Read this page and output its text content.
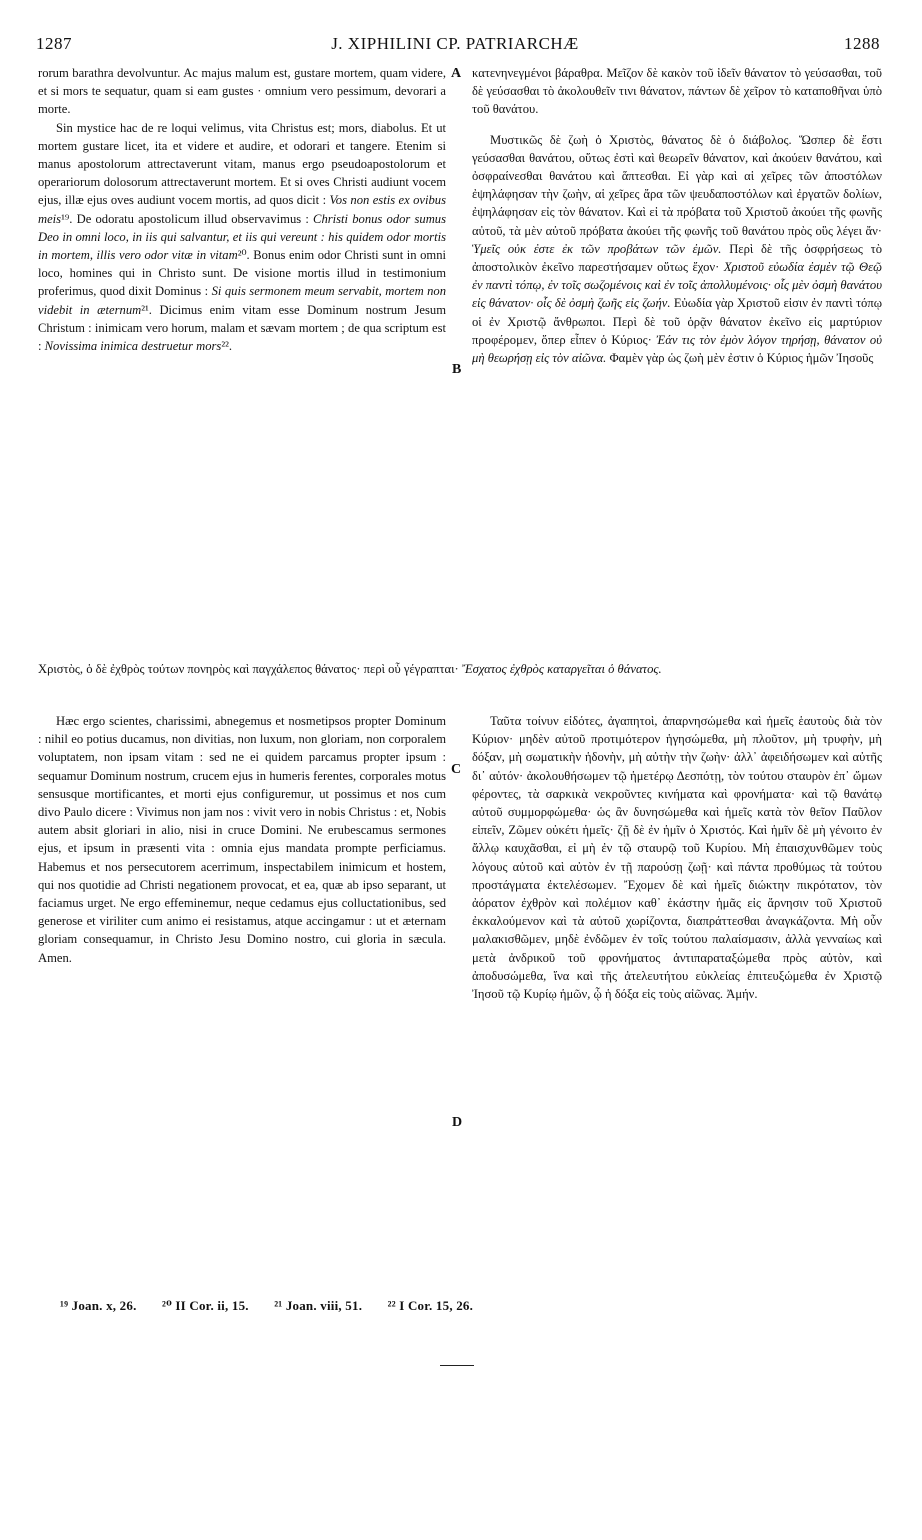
1287	J. XIPHILINI CP. PATRIARCHÆ	1288
A
B
C
D

rorum barathra devolvuntur. Ac majus malum est, gustare mortem, quam videre, et si mors te sequatur, quam si eam gustes · omnium vero pessimum, devorari a morte.

Sin mystice hac de re loqui velimus, vita Christus est; mors, diabolus. Et ut mortem gustare licet, ita et videre et audire, et odorari et tangere. Etenim si manus apostolorum attrectaverunt vitam, manus ergo pseudoapostolorum et operariorum dolosorum attrectaverunt mortem. Et si oves Christi audiunt vocem ejus, illæ ejus oves audiunt vocem mortis, ad quos dicit : Vos non estis ex ovibus meis¹⁹. De odoratu apostolicum illud observavimus : Christi bonus odor sumus Deo in omni loco, in iis qui salvantur, et iis qui vereunt : his quidem odor mortis in mortem, illis vero odor vitæ in vitam²⁰. Bonus enim odor Christi sunt in omni loco, homines qui in Christo sunt. De visione mortis illud in testimonium proferimus, quod dixit Dominus : Si quis sermonem meum servabit, mortem non videbit in æternum²¹. Dicimus enim vitam esse Dominum nostrum Jesum Christum : inimicam vero horum, malam et sævam mortem ; de qua scriptum est : Novissima inimica destruetur mors²².

κατενηνεγμένοι βάραθρα. Μεῖζον δὲ κακὸν τοῦ ἰδεῖν θάνατον τὸ γεύσασθαι, τοῦ δὲ γεύσασθαι τὸ ἀκολουθεῖν τινι θάνατον, πάντων δὲ χεῖρον τὸ καταποθῆναι ὑπὸ τοῦ θανάτου.

Μυστικῶς δὲ ζωὴ ὁ Χριστὸς, θάνατος δὲ ὁ διάβολος. Ὥσπερ δὲ ἔστι γεύσασθαι θανάτου, οὕτως ἐστὶ καὶ θεωρεῖν θάνατον, καὶ ἀκούειν θανάτου, καὶ ὀσφραίνεσθαι θανάτου καὶ ἅπτεσθαι. Εἰ γὰρ καὶ αἱ χεῖρες τῶν ἀποστόλων ἐψηλάφησαν τὴν ζωὴν, αἱ χεῖρες ἄρα τῶν ψευδαποστόλων καὶ ἐργατῶν δολίων, ἐψηλάφησαν εἰς τὸν θάνατον. Καὶ εἰ τὰ πρόβατα τοῦ Χριστοῦ ἀκούει τῆς φωνῆς αὐτοῦ, τὰ μὲν αὐτοῦ πρόβατα ἀκούει τῆς φωνῆς τοῦ θανάτου πρὸς οὓς λέγει ἄν· Ὑμεῖς οὐκ ἐστε ἐκ τῶν προβάτων τῶν ἐμῶν. Περὶ δὲ τῆς ὀσφρήσεως τὸ ἀποστολικὸν ἐκεῖνο παρεστήσαμεν οὕτως ἔχον· Χριστοῦ εὐωδία ἐσμὲν τῷ Θεῷ ἐν παντὶ τόπῳ, ἐν τοῖς σωζομένοις καὶ ἐν τοῖς ἀπολλυμένοις· οἷς μὲν ὀσμὴ θανάτου εἰς θάνατον· οἷς δὲ ὀσμὴ ζωῆς εἰς ζωήν. Εὐωδία γὰρ Χριστοῦ εἰσιν ἐν παντὶ τόπῳ οἱ ἐν Χριστῷ ἄνθρωποι. Περὶ δὲ τοῦ ὁρᾷν θάνατον ἐκεῖνο εἰς μαρτύριον προφέρομεν, ὅπερ εἶπεν ὁ Κύριος· Ἐάν τις τὸν ἐμὸν λόγον τηρήσῃ, θάνατον οὐ μὴ θεωρήσῃ εἰς τὸν αἰῶνα. Φαμὲν γὰρ ὡς ζωὴ μὲν ἐστιν ὁ Κύριος ἡμῶν Ἰησοῦς

Χριστὸς, ὁ δὲ ἐχθρὸς τούτων πονηρὸς καὶ παγχάλεπος θάνατος· περὶ οὗ γέγραπται· Ἔσχατος ἐχθρὸς καταργεῖται ὁ θάνατος.

Hæc ergo scientes, charissimi, abnegemus et nosmetipsos propter Dominum : nihil eo potius ducamus, non divitias, non luxum, non gloriam, non corporalem voluptatem, non ipsam vitam : sed ne ei quidem parcamus propter ipsum : sequamur Dominum nostrum, crucem ejus in humeris ferentes, corporales motus sensusque mortificantes, et morti ejus configuremur, ut possimus et nos cum divo Paulo dicere : Vivimus non jam nos : vivit vero in nobis Christus : et, Nobis autem absit gloriari in alio, nisi in cruce Domini. Ne erubescamus sermones ejus, et ipsum in præsenti vita : omnia ejus mandata prompte perficiamus. Habemus et nos persecutorem acerrimum, inspectabilem inimicum et hostem, qui nos quotidie ad Christi negationem provocat, et ea, quæ ab ipso separant, ut faciamus urget. Ne ergo effeminemur, neque cedamus ejus colluctationibus, sed generose et viriliter cum animo ei resistamus, atque accingamur : ut et æternam gloriam consequamur, in Christo Jesu Domino nostro, cui gloria in sæcula. Amen.

Ταῦτα τοίνυν εἰδότες, ἀγαπητοὶ, ἀπαρνησώμεθα καὶ ἡμεῖς ἑαυτοὺς διὰ τὸν Κύριον· μηδὲν αὐτοῦ προτιμότερον ἡγησώμεθα, μὴ πλοῦτον, μὴ τρυφὴν, μὴ δόξαν, μὴ σωματικὴν ἡδονὴν, μὴ αὐτὴν τὴν ζωὴν· ἀλλ᾽ ἀφειδήσωμεν καὶ αὐτῆς δι᾽ αὐτόν· ἀκολουθήσωμεν τῷ ἡμετέρῳ Δεσπότῃ, τὸν τούτου σταυρὸν ἐπ᾽ ὤμων φέροντες, τὰ σαρκικὰ νεκροῦντες κινήματα καὶ φρονήματα· καὶ τῷ θανάτῳ αὐτοῦ συμμορφώμεθα· ὡς ἂν δυνησώμεθα καὶ ἡμεῖς κατὰ τὸν θεῖον Παῦλον εἰπεῖν, Ζῶμεν οὐκέτι ἡμεῖς· ζῇ δὲ ἐν ἡμῖν ὁ Χριστός. Καὶ ἡμῖν δὲ μὴ γένοιτο ἐν ἄλλῳ καυχᾶσθαι, εἰ μὴ ἐν τῷ σταυρῷ τοῦ Κυρίου. Μὴ ἐπαισχυνθῶμεν τοὺς λόγους αὐτοῦ καὶ αὐτὸν ἐν τῇ παρούσῃ ζωῇ· καὶ πάντα προθύμως τὰ τούτου προστάγματα ἐκτελέσωμεν. Ἔχομεν δὲ καὶ ἡμεῖς διώκτην πικρότατον, τὸν ἀόρατον ἐχθρὸν καὶ πολέμιον καθ᾽ ἑκάστην ἡμᾶς εἰς ἄρνησιν τοῦ Χριστοῦ ἐκκαλούμενον καὶ τὰ αὐτοῦ χωρίζοντα, διαπράττεσθαι ἀναγκάζοντα. Μὴ οὖν μαλακισθῶμεν, μηδὲ ἐνδῶμεν ἐν τοῖς τούτου παλαίσμασιν, ἀλλὰ γενναίως καὶ μετὰ ἀνδρικοῦ τοῦ φρονήματος ἀντιπαραταξώμεθα πρὸς αὐτὸν, καὶ ἀποδυσώμεθα, ἵνα καὶ τῆς ἀτελευτήτου εὐκλείας ἐπιτευξώμεθα ἐν Χριστῷ Ἰησοῦ τῷ Κυρίῳ ἡμῶν, ᾧ ἡ δόξα εἰς τοὺς αἰῶνας. Ἀμήν.

¹⁹ Joan. x, 26. ²⁰ II Cor. ii, 15. ²¹ Joan. viii, 51. ²² I Cor. 15, 26.
